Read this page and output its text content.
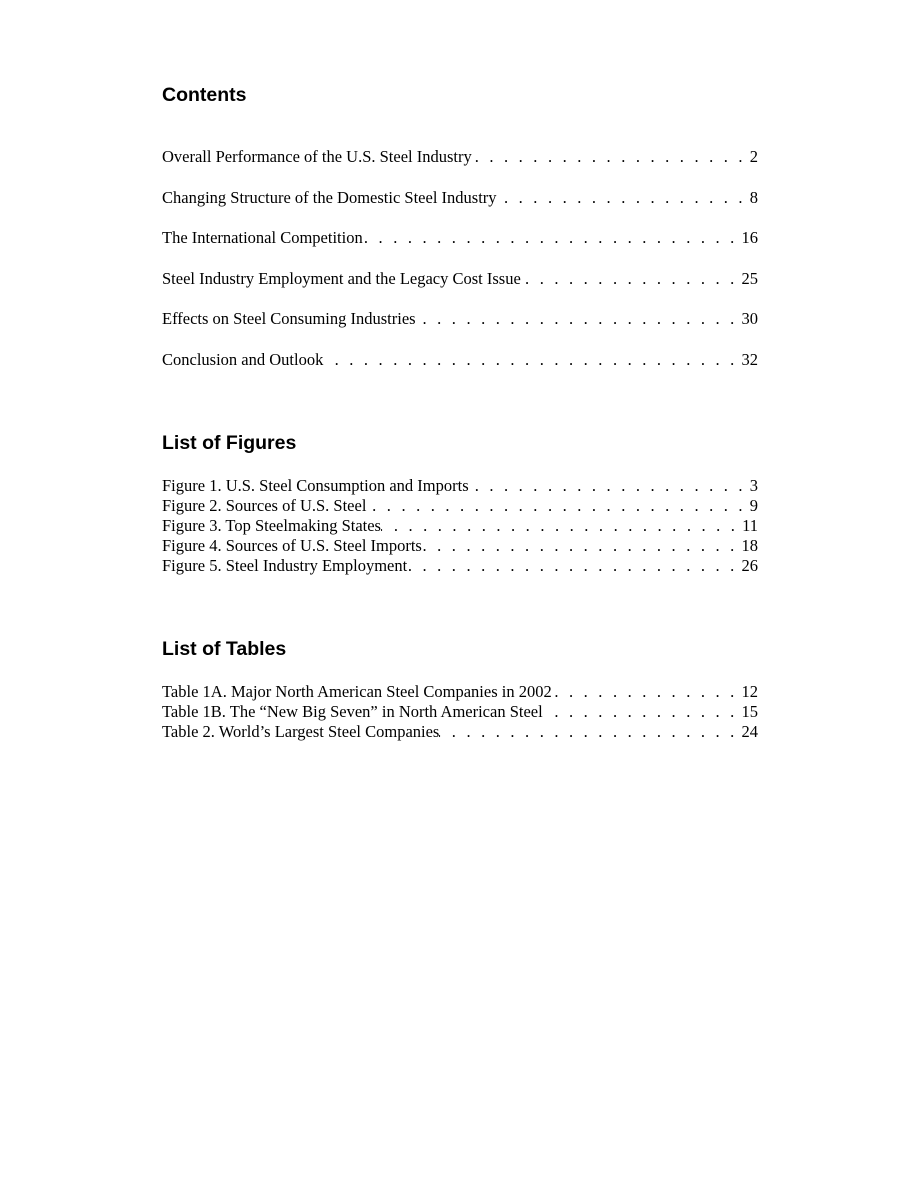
Contents
Overall Performance of the U.S. Steel Industry . . .	2
Changing Structure of the Domestic Steel Industry . . .	8
The International Competition . . .	16
Steel Industry Employment and the Legacy Cost Issue . . .	25
Effects on Steel Consuming Industries . . .	30
Conclusion and Outlook . . .	32
List of Figures
Figure 1. U.S. Steel Consumption and Imports . . .	3
Figure 2. Sources of U.S. Steel . . .	9
Figure 3. Top Steelmaking States . . .	11
Figure 4. Sources of U.S. Steel Imports . . .	18
Figure 5. Steel Industry Employment . . .	26
List of Tables
Table 1A. Major North American Steel Companies in 2002 . . .	12
Table 1B. The “New Big Seven” in North American Steel . . .	15
Table 2. World’s Largest Steel Companies . . .	24
